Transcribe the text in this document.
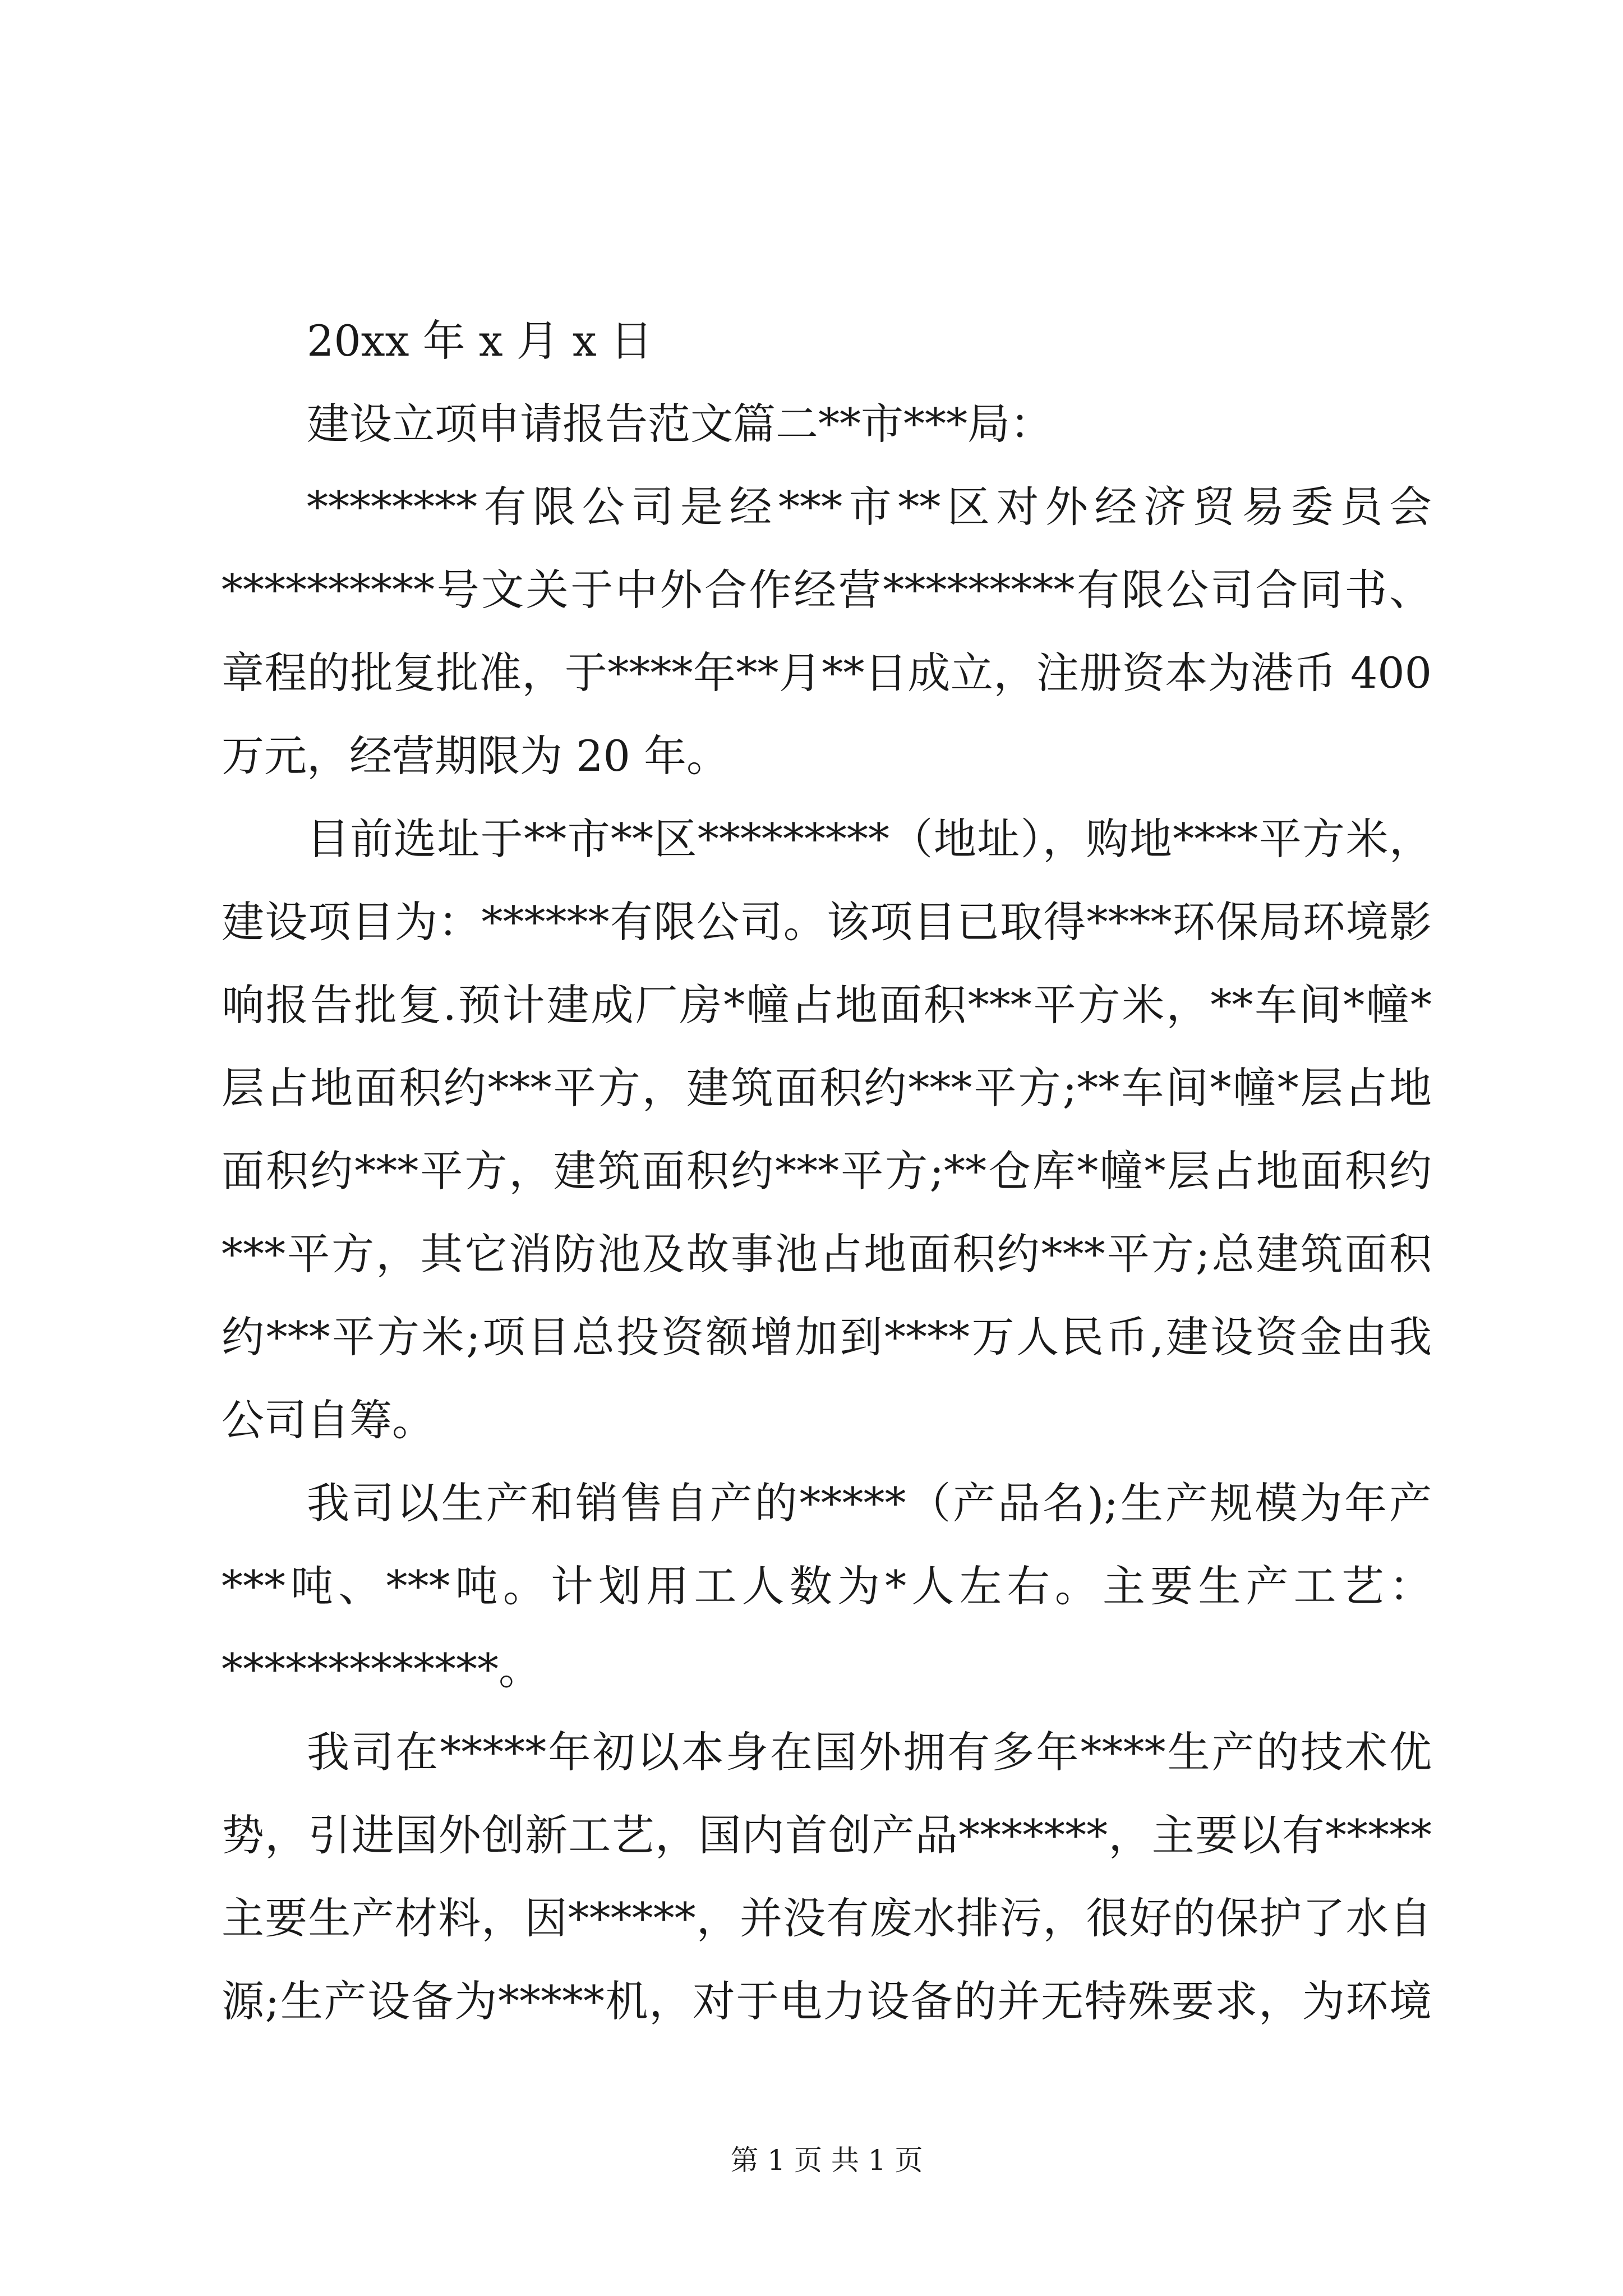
20xx 年 x 月 x 日
建设立项申请报告范文篇二**市***局：
********有限公司是经***市**区对外经济贸易委员会
**********号文关于中外合作经营*********有限公司合同书、
章程的批复批准，于****年**月**日成立，注册资本为港币 400
万元，经营期限为 20 年。
目前选址于**市**区*********（地址），购地****平方米，
建设项目为：******有限公司。该项目已取得****环保局环境影
响报告批复.预计建成厂房*幢占地面积***平方米，**车间*幢*
层占地面积约***平方，建筑面积约***平方;**车间*幢*层占地
面积约***平方，建筑面积约***平方;**仓库*幢*层占地面积约
***平方，其它消防池及故事池占地面积约***平方;总建筑面积
约***平方米;项目总投资额增加到****万人民币,建设资金由我
公司自筹。
我司以生产和销售自产的*****（产品名);生产规模为年产
***吨、***吨。计划用工人数为*人左右。主要生产工艺：
*************。
我司在*****年初以本身在国外拥有多年****生产的技术优
势，引进国外创新工艺，国内首创产品*******，主要以有*****
主要生产材料，因******，并没有废水排污，很好的保护了水自
源;生产设备为*****机，对于电力设备的并无特殊要求，为环境
第 1 页 共 1 页
